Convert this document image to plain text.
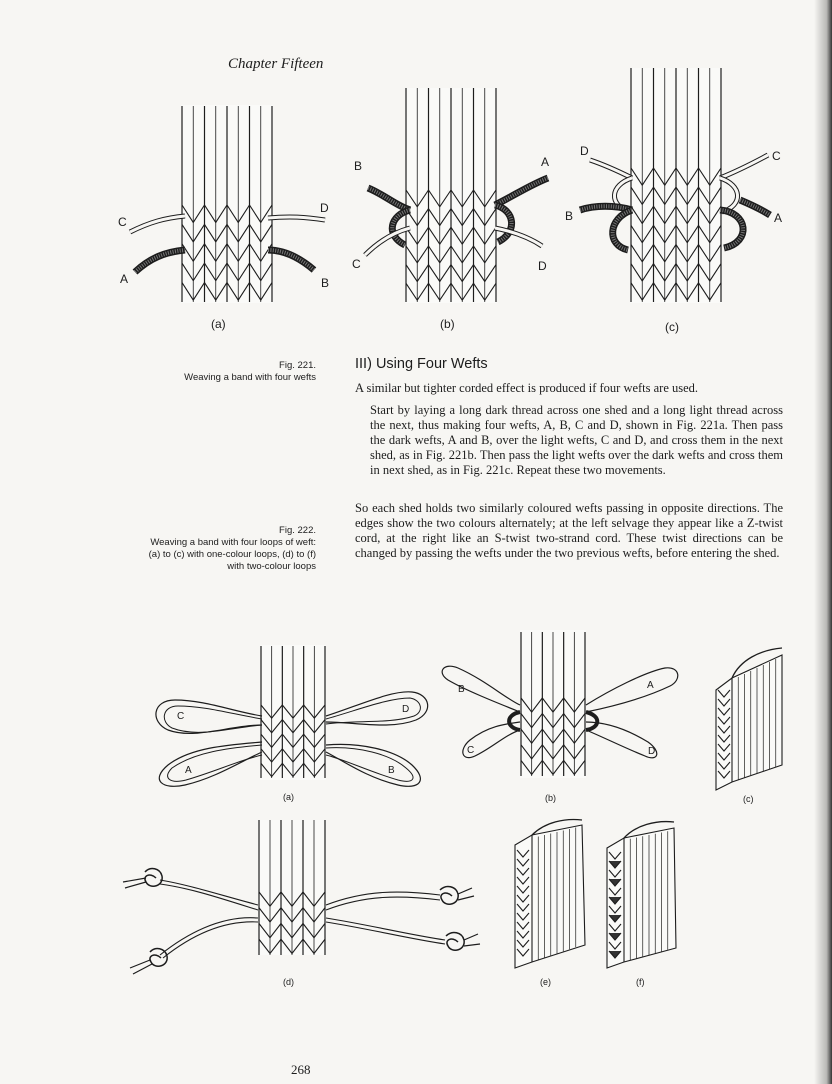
Chapter Fifteen
C
D
A	B
(a)
B	A
C	D
(b)
D	C
B	A
(c)
C
D
A	B
(a)
B	A
C	D
(b)	(c)
(d)	(e)	(f)
Fig. 221.
Weaving a band with four wefts
Fig. 222.
Weaving a band with four loops of weft:
(a) to (c) with one-colour loops, (d) to (f)
with two-colour loops
III) Using Four Wefts

A similar but tighter corded effect is produced if four wefts are used.

Start by laying a long dark thread across one shed and a long light thread across the next, thus making four wefts, A, B, C and D, shown in Fig. 221a. Then pass the dark wefts, A and B, over the light wefts, C and D, and cross them in the next shed, as in Fig. 221b. Then pass the light wefts over the dark wefts and cross them in next shed, as in Fig. 221c. Repeat these two movements.

So each shed holds two similarly coloured wefts passing in opposite directions. The edges show the two colours alternately; at the left selvage they appear like a Z-twist cord, at the right like an S-twist two-strand cord. These twist directions can be changed by passing the wefts under the two previous wefts, before entering the shed.

268
